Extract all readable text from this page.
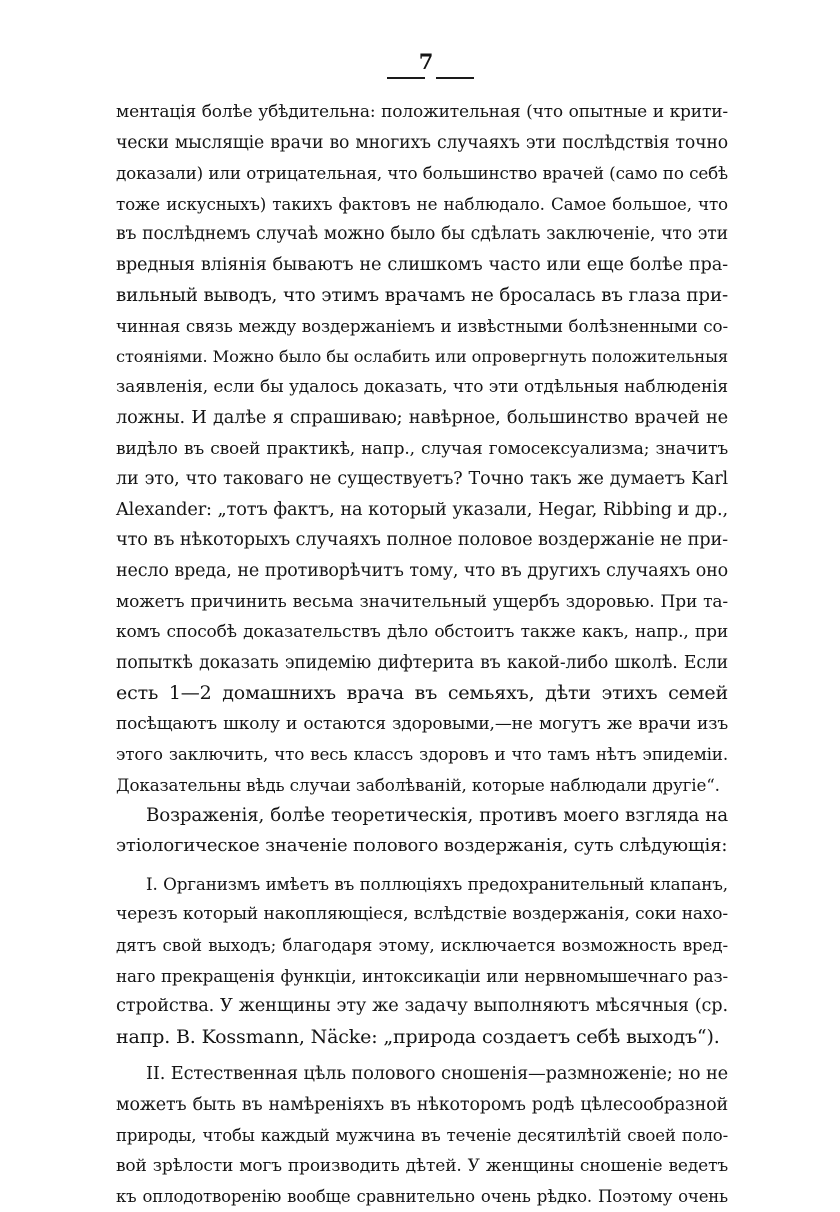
7
ментація болѣе убѣдительна: положительная (что опытные и крити-
чески мыслящіе врачи во многихъ случаяхъ эти послѣдствія точно
доказали) или отрицательная, что большинство врачей (само по себѣ
тоже искусныхъ) такихъ фактовъ не наблюдало. Самое большое, что
въ послѣднемъ случаѣ можно было бы сдѣлать заключеніе, что эти
вредныя вліянія бываютъ не слишкомъ часто или еще болѣе пра-
вильный выводъ, что этимъ врачамъ не бросалась въ глаза при-
чинная связь между воздержаніемъ и извѣстными болѣзненными со-
стояніями. Можно было бы ослабить или опровергнуть положительныя
заявленія, если бы удалось доказать, что эти отдѣльныя наблюденія
ложны. И далѣе я спрашиваю; навѣрное, большинство врачей не
видѣло въ своей практикѣ, напр., случая гомосексуализма; значитъ
ли это, что таковаго не существуетъ? Точно такъ же думаетъ Karl
Alexander: „тотъ фактъ, на который указали, Hegar, Ribbing и др.,
что въ нѣкоторыхъ случаяхъ полное половое воздержаніе не при-
несло вреда, не противорѣчитъ тому, что въ другихъ случаяхъ оно
можетъ причинить весьма значительный ущербъ здоровью. При та-
комъ способѣ доказательствъ дѣло обстоитъ также какъ, напр., при
попыткѣ доказать эпидемію дифтерита въ какой-либо школѣ. Если
есть 1—2 домашнихъ врача въ семьяхъ, дѣти этихъ семей
посѣщаютъ школу и остаются здоровыми,—не могутъ же врачи изъ
этого заключить, что весь классъ здоровъ и что тамъ нѣтъ эпидеміи.
Доказательны вѣдь случаи заболѣваній, которые наблюдали другіе“.
Возраженія, болѣе теоретическія, противъ моего взгляда на
этіологическое значеніе полового воздержанія, суть слѣдующія:
I. Организмъ имѣетъ въ поллюціяхъ предохранительный клапанъ,
черезъ который накопляющіеся, вслѣдствіе воздержанія, соки нахо-
дятъ свой выходъ; благодаря этому, исключается возможность вред-
наго прекращенія функціи, интоксикаціи или нервномышечнаго раз-
стройства. У женщины эту же задачу выполняютъ мѣсячныя (ср.
напр. B. Kossmann, Näcke: „природа создаетъ себѣ выходъ“).
II. Естественная цѣль полового сношенія—размноженіе; но не
можетъ быть въ намѣреніяхъ въ нѣкоторомъ родѣ цѣлесообразной
природы, чтобы каждый мужчина въ теченіе десятилѣтій своей поло-
вой зрѣлости могъ производить дѣтей. У женщины сношеніе ведетъ
къ оплодотворенію вообще сравнительно очень рѣдко. Поэтому очень
